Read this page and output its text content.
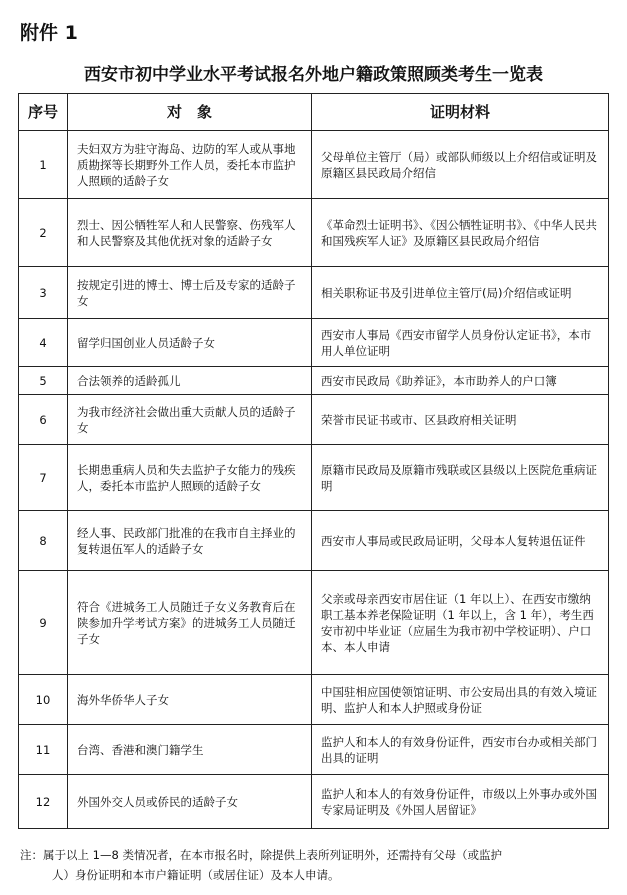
附件 1
西安市初中学业水平考试报名外地户籍政策照顾类考生一览表
序号	对　象	证明材料
1	夫妇双方为驻守海岛、边防的军人或从事地质勘探等长期野外工作人员，委托本市监护人照顾的适龄子女	父母单位主管厅（局）或部队师级以上介绍信或证明及原籍区县民政局介绍信
2	烈士、因公牺牲军人和人民警察、伤残军人和人民警察及其他优抚对象的适龄子女	《革命烈士证明书》、《因公牺牲证明书》、《中华人民共和国残疾军人证》及原籍区县民政局介绍信
3	按规定引进的博士、博士后及专家的适龄子女	相关职称证书及引进单位主管厅(局)介绍信或证明
4	留学归国创业人员适龄子女	西安市人事局《西安市留学人员身份认定证书》，本市用人单位证明
5	合法领养的适龄孤儿	西安市民政局《助养证》，本市助养人的户口簿
6	为我市经济社会做出重大贡献人员的适龄子女	荣誉市民证书或市、区县政府相关证明
7	长期患重病人员和失去监护子女能力的残疾人，委托本市监护人照顾的适龄子女	原籍市民政局及原籍市残联或区县级以上医院危重病证明
8	经人事、民政部门批准的在我市自主择业的复转退伍军人的适龄子女	西安市人事局或民政局证明，父母本人复转退伍证件
9	符合《进城务工人员随迁子女义务教育后在陕参加升学考试方案》的进城务工人员随迁子女	父亲或母亲西安市居住证（1 年以上）、在西安市缴纳职工基本养老保险证明（1 年以上，含 1 年），考生西安市初中毕业证（应届生为我市初中学校证明）、户口本、本人申请
10	海外华侨华人子女	中国驻相应国使领馆证明、市公安局出具的有效入境证明、监护人和本人护照或身份证
11	台湾、香港和澳门籍学生	监护人和本人的有效身份证件，西安市台办或相关部门出具的证明
12	外国外交人员或侨民的适龄子女	监护人和本人的有效身份证件，市级以上外事办或外国专家局证明及《外国人居留证》
注：属于以上 1—8 类情况者，在本市报名时，除提供上表所列证明外，还需持有父母（或监护
人）身份证明和本市户籍证明（或居住证）及本人申请。
